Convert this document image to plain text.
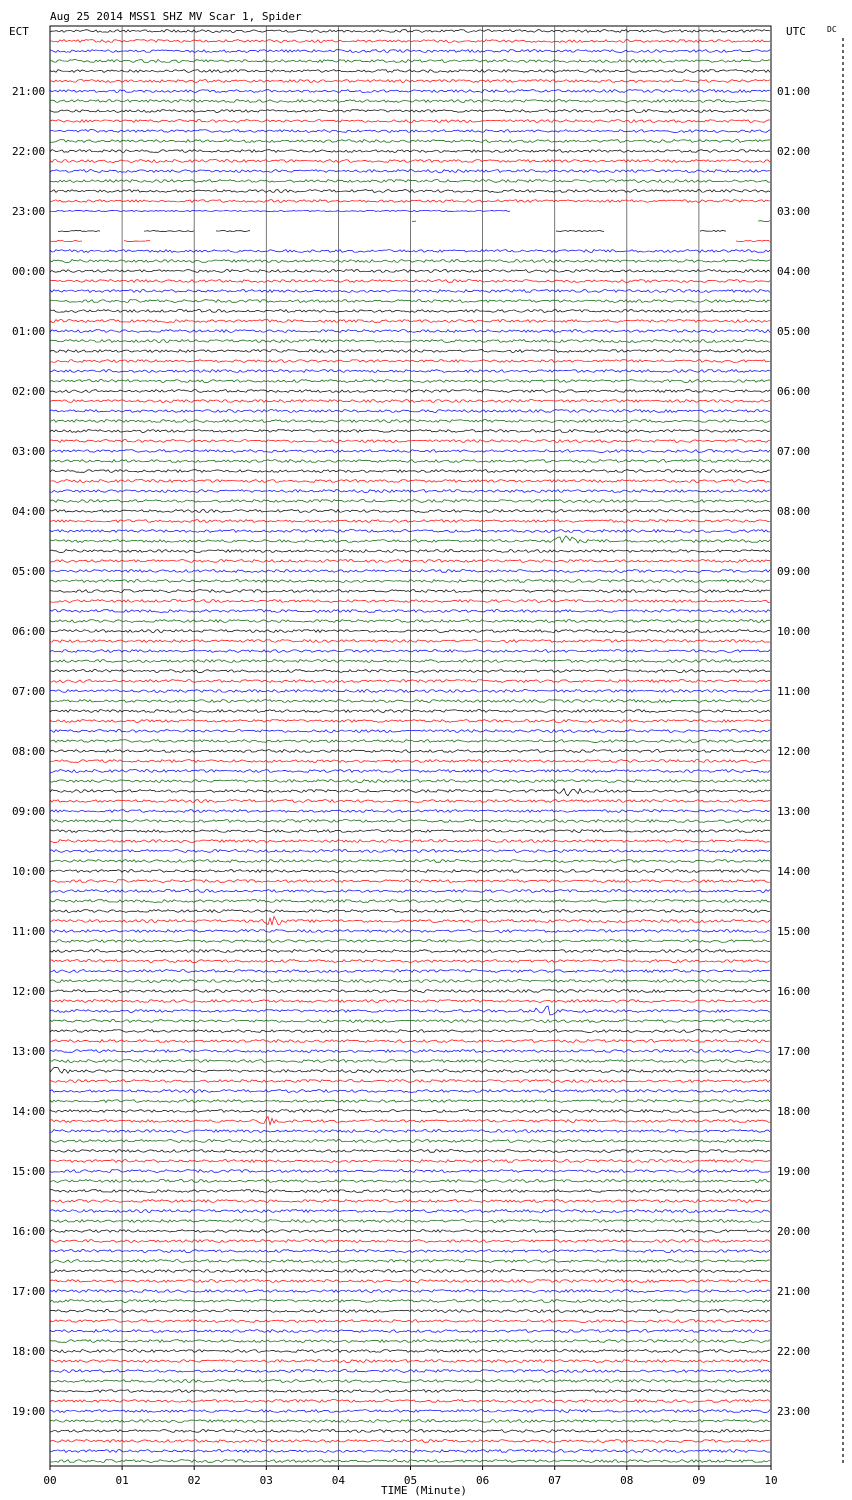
Aug 25 2014 MSS1 SHZ MV Scar 1, Spider
ECT	UTC	DC
TIME (Minute)
21:00
22:00
23:00
00:00
01:00
02:00
03:00
04:00
05:00
06:00
07:00
08:00
09:00
10:00
11:00
12:00
13:00
14:00
15:00
16:00
17:00
18:00
19:00
01:00
02:00
03:00
04:00
05:00
06:00
07:00
08:00
09:00
10:00
11:00
12:00
13:00
14:00
15:00
16:00
17:00
18:00
19:00
20:00
21:00
22:00
23:00
00	01	02	03	04	05	06	07	08	09	10
